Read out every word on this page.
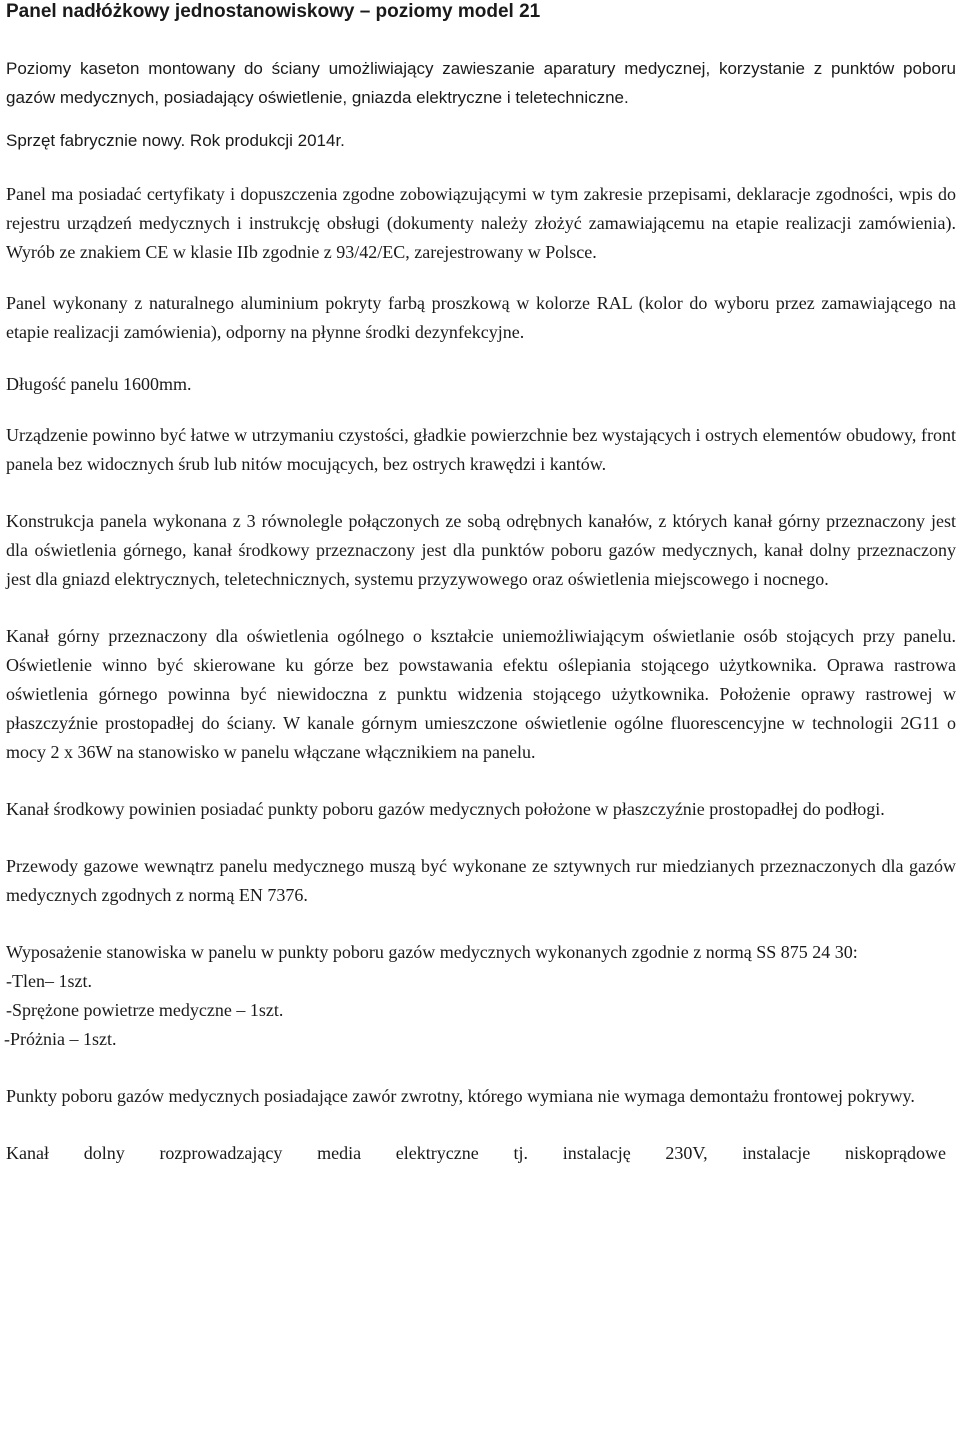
Panel nadłóżkowy jednostanowiskowy – poziomy model 21

Poziomy kaseton montowany do ściany umożliwiający zawieszanie aparatury medycznej, korzystanie z punktów poboru gazów medycznych, posiadający oświetlenie, gniazda elektryczne i teletechniczne.

Sprzęt fabrycznie nowy. Rok produkcji 2014r.

Panel ma posiadać certyfikaty i dopuszczenia zgodne zobowiązującymi w tym zakresie przepisami, deklaracje zgodności, wpis do rejestru urządzeń medycznych i instrukcję obsługi (dokumenty należy złożyć zamawiającemu na etapie realizacji zamówienia). Wyrób ze znakiem CE w klasie IIb zgodnie z 93/42/EC, zarejestrowany w Polsce.

Panel wykonany z naturalnego aluminium pokryty farbą proszkową w kolorze RAL (kolor do wyboru przez zamawiającego na etapie realizacji zamówienia), odporny na płynne środki dezynfekcyjne.

Długość panelu 1600mm.

Urządzenie powinno być łatwe w utrzymaniu czystości, gładkie powierzchnie bez wystających i ostrych elementów obudowy, front panela bez widocznych śrub lub nitów mocujących, bez ostrych krawędzi i kantów.

Konstrukcja panela wykonana z 3 równolegle połączonych ze sobą odrębnych kanałów, z których kanał górny przeznaczony jest dla oświetlenia górnego, kanał środkowy przeznaczony jest dla punktów poboru gazów medycznych, kanał dolny przeznaczony jest dla gniazd elektrycznych, teletechnicznych, systemu przyzywowego oraz oświetlenia miejscowego i nocnego.

Kanał górny przeznaczony dla oświetlenia ogólnego o kształcie uniemożliwiającym oświetlanie osób stojących przy panelu. Oświetlenie winno być skierowane ku górze bez powstawania efektu oślepiania stojącego użytkownika. Oprawa rastrowa oświetlenia górnego powinna być niewidoczna z punktu widzenia stojącego użytkownika. Położenie oprawy rastrowej w płaszczyźnie prostopadłej do ściany. W kanale górnym umieszczone oświetlenie ogólne fluorescencyjne w technologii 2G11 o mocy 2 x 36W na stanowisko w panelu włączane włącznikiem na panelu.

Kanał środkowy powinien posiadać punkty poboru gazów medycznych położone w płaszczyźnie prostopadłej do podłogi.

Przewody gazowe wewnątrz panelu medycznego muszą być wykonane ze sztywnych rur miedzianych przeznaczonych dla gazów medycznych zgodnych z normą EN 7376.

Wyposażenie stanowiska w panelu w punkty poboru gazów medycznych wykonanych zgodnie z normą SS 875 24 30:

-Tlen– 1szt.

-Sprężone powietrze medyczne – 1szt.

-Próżnia – 1szt.

Punkty poboru gazów medycznych posiadające zawór zwrotny, którego wymiana nie wymaga demontażu frontowej pokrywy.

Kanał dolny rozprowadzający media elektryczne tj. instalację 230V, instalacje niskoprądowe
